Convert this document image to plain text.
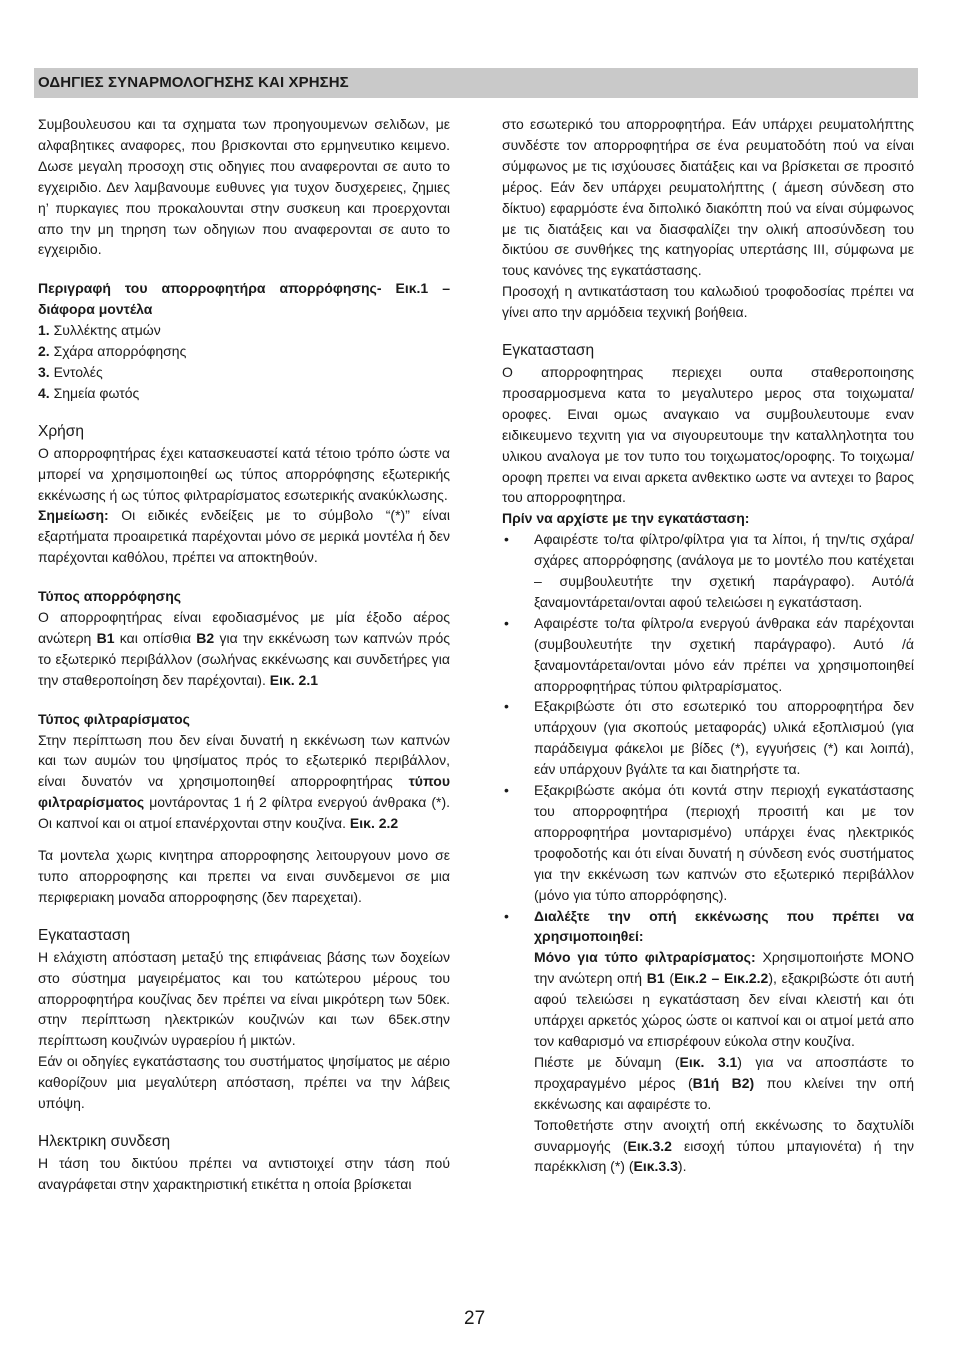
ΟΔΗΓΙΕΣ ΣΥΝΑΡΜΟΛΟΓΗΣΗΣ ΚΑΙ ΧΡΗΣΗΣ

Συμβουλευσου και τα σχηματα των προηγουμενων σελιδων, με αλφαβητικες αναφορες, που βρισκονται στο ερμηνευτικο κειμενο. Δωσε μεγαλη προσοχη στις οδηγιες που αναφερονται σε αυτο το εγχειριδιο. Δεν λαμβανουμε ευθυνες για τυχον δυσχερειες, ζημιες η’ πυρκαγιες που προκαλουνται στην συσκευη και προερχονται απο την μη τηρηση των οδηγιων που αναφερονται σε αυτο το εγχειριδιο.

Περιγραφή του απορροφητήρα απορρόφησης- Εικ.1 – διάφορα μοντέλα

1. Συλλέκτης ατμών
2. Σχάρα απορρόφησης
3. Εντολές
4. Σημεία φωτός

Χρήση

Ο απορροφητήρας έχει κατασκευαστεί κατά τέτοιο τρόπο ώστε να μπορεί να χρησιμοποιηθεί ως τύπος απορρόφησης εξωτερικής εκκένωσης ή ως τύπος φιλτραρίσματος εσωτερικής ανακύκλωσης.

Σημείωση: Οι ειδικές ενδείξεις με το σύμβολο “(*)” είναι εξαρτήματα προαιρετικά παρέχονται μόνο σε μερικά μοντέλα ή δεν παρέχονται καθόλου, πρέπει να αποκτηθούν.

Τύπος απορρόφησης

Ο απορροφητήρας είναι εφοδιασμένος με μία έξοδο αέρος ανώτερη B1 και οπίσθια B2 για την εκκένωση των καπνών πρός το εξωτερικό περιβάλλον (σωλήνας εκκένωσης και συνδετήρες για την σταθεροποίηση δεν παρέχονται). Εικ. 2.1

Τύπος φιλτραρίσματος

Στην περίπτωση που δεν είναι δυνατή η εκκένωση των καπνών και των αυμών του ψησίματος πρός το εξωτερικό περιβάλλον, είναι δυνατόν να χρησιμοποιηθεί απορροφητήρας τύπου φιλτραρίσματος μοντάροντας 1 ή 2 φίλτρα ενεργού άνθρακα (*). Οι καπνοί και οι ατμοί επανέρχονται στην κουζίνα. Εικ. 2.2

Τα μοντελα χωρις κινητηρα απορροφησης λειτουργουν μονο σε τυπο απορροφησης και πρεπει να ειναι συνδεμενοι σε μια περιφεριακη μοναδα απορροφησης (δεν παρεχεται).

Εγκατασταση

Η ελάχιστη απόσταση μεταξύ της επιφάνειας βάσης των δοχείων στο σύστημα μαγειρέματος και του κατώτερου μέρους του απορροφητήρα κουζίνας δεν πρέπει να είναι μικρότερη των 50εκ. στην περίπτωση ηλεκτρικών κουζινών και των 65εκ.στην περίπτωση κουζινών υγραερίου ή μικτών.

Εάν οι οδηγίες εγκατάστασης του συστήματος ψησίματος με αέριο καθορίζουν μια μεγαλύτερη απόσταση, πρέπει να την λάβεις υπόψη.

Ηλεκτρικη συνδεση

Η τάση του δικτύου πρέπει να αντιστοιχεί στην τάση πού αναγράφεται στην χαρακτηριστική ετικέττα η οποία βρίσκεται

στο εσωτερικό του απορροφητήρα. Εάν υπάρχει ρευματολήπτης συνδέστε τον απορροφητήρα σε ένα ρευματοδότη πού να είναι σύμφωνος με τις ισχύουσες διατάξεις και να βρίσκεται σε προσιτό μέρος. Εάν δεν υπάρχει ρευματολήπτης ( άμεση σύνδεση στο δίκτυο) εφαρμόστε ένα διπολικό διακόπτη πού να είναι σύμφωνος με τις διατάξεις και να διασφαλίζει την ολική αποσύνδεση του δικτύου σε συνθήκες της κατηγορίας υπερτάσης III, σύμφωνα με τους κανόνες της εγκατάστασης.

Προσοχή η αντικατάσταση του καλωδιού τροφοδοσίας πρέπει να γίνει απο την αρμόδεια τεχνική βοήθεια.

Εγκατασταση

Ο απορροφητηρας περιεχει ουπα σταθεροποιησης προσαρμοσμενα κατα το μεγαλυτερο μερος στα τοιχωματα/οροφες. Ειναι ομως αναγκαιο να συμβουλευτουμε εναν ειδικευμενο τεχνιτη για να σιγουρευτουμε την καταλληλοτητα του υλικου αναλογα με τον τυπο του τοιχωματος/οροφης. Το τοιχωμα/οροφη πρεπει να ειναι αρκετα ανθεκτικο ωστε να αντεχει το βαρος του απορροφητηρα.

Πρίν να αρχίστε με την εγκατάσταση:

• Αφαιρέστε το/τα φίλτρο/φίλτρα για τα λίποι, ή την/τις σχάρα/σχάρες απορρόφησης (ανάλογα με το μοντέλο που κατέχεται – συμβουλευτήτε την σχετική παράγραφο). Αυτό/ά ξαναμοντάρεται/ονται αφού τελειώσει η εγκατάσταση.
• Αφαιρέστε το/τα φίλτρο/α ενεργού άνθρακα εάν παρέχονται (συμβουλευτήτε την σχετική παράγραφο). Αυτό /ά ξαναμοντάρεται/ονται μόνο εάν πρέπει να χρησιμοποιηθεί απορροφητήρας τύπου φιλτραρίσματος.
• Εξακριβώστε ότι στο εσωτερικό του απορροφητήρα δεν υπάρχουν (για σκοπούς μεταφοράς) υλικά εξοπλισμού (για παράδειγμα φάκελοι με βίδες (*), εγγυήσεις (*) και λοιπά), εάν υπάρχουν βγάλτε τα και διατηρήστε τα.
• Εξακριβώστε ακόμα ότι κοντά στην περιοχή εγκατάστασης του απορροφητήρα (περιοχή προσιτή και με τον απορροφητήρα μονταρισμένο) υπάρχει ένας ηλεκτρικός τροφοδοτής και ότι είναι δυνατή η σύνδεση ενός συστήματος για την εκκένωση των καπνών στο εξωτερικό περιβάλλον (μόνο για τύπο απορρόφησης).
• Διαλέξτε την οπή εκκένωσης που πρέπει να χρησιμοποιηθεί:

Μόνο για τύπο φιλτραρίσματος: Χρησιμοποιήστε ΜΟΝΟ την ανώτερη οπή B1 (Εικ.2 – Εικ.2.2), εξακριβώστε ότι αυτή αφού τελειώσει η εγκατάσταση δεν είναι κλειστή και ότι υπάρχει αρκετός χώρος ώστε οι καπνοί και οι ατμοί μετά απο τον καθαρισμό να επισρέφουν εύκολα στην κουζίνα.

Πιέστε με δύναμη (Εικ. 3.1) για να αποσπάστε το προχαραγμένο μέρος (B1ή B2) που κλείνει την οπή εκκένωσης και αφαιρέστε το.

Τοποθετήστε στην ανοιχτή οπή εκκένωσης το δαχτυλίδι συναρμογής (Εικ.3.2 εισοχή τύπου μπαγιονέτα) ή την παρέκκλιση (*) (Εικ.3.3).

27
